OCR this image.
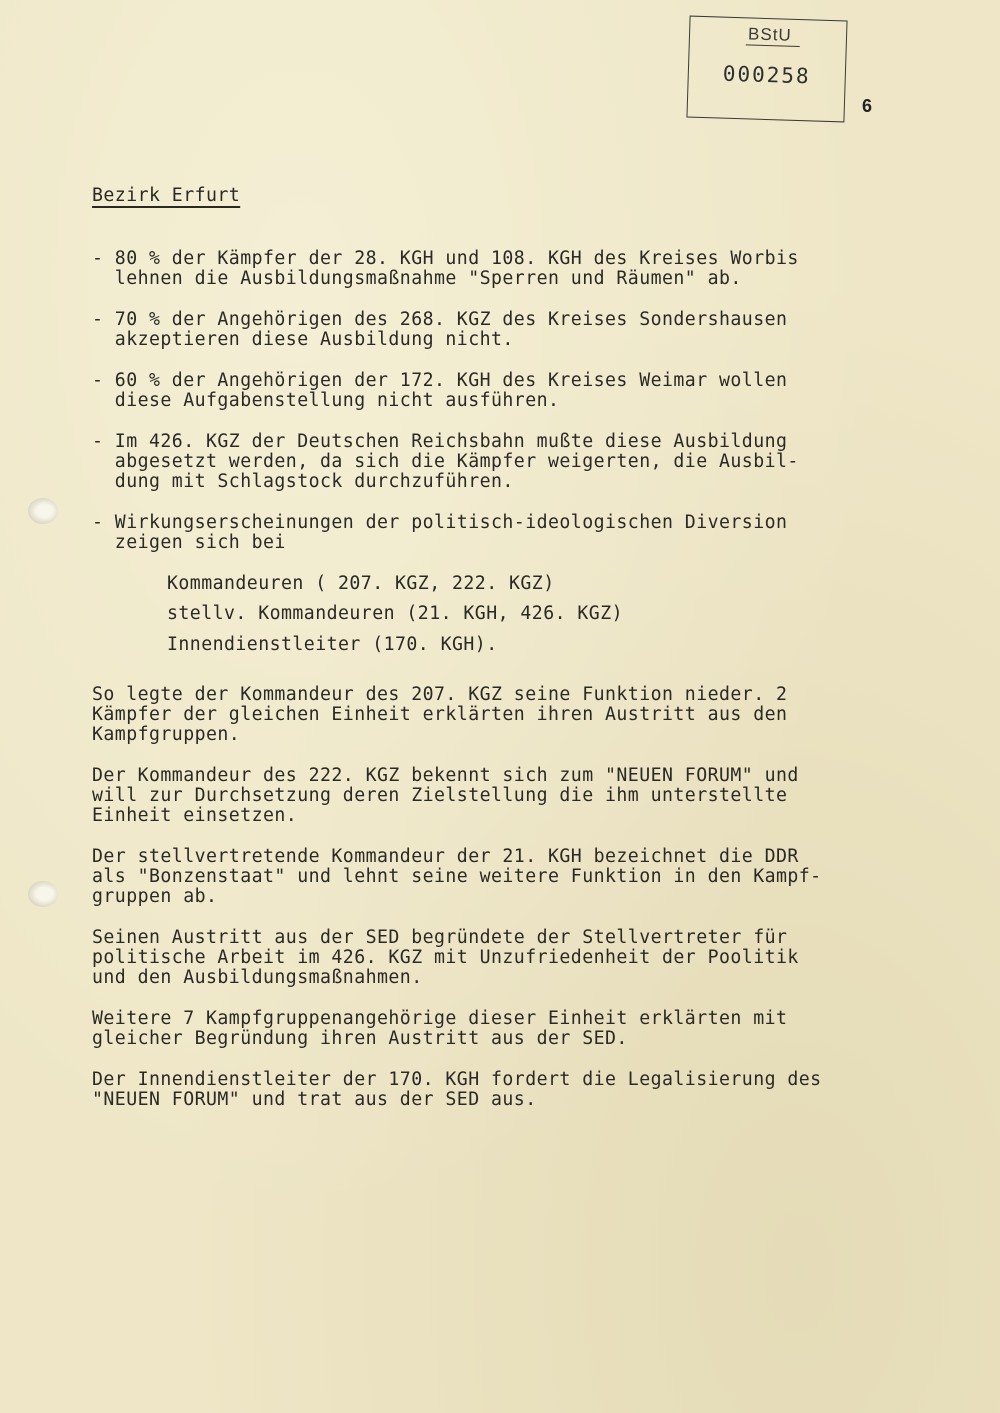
BStU
000258
6
Bezirk Erfurt
- 80 % der Kämpfer der 28. KGH und 108. KGH des Kreises Worbis
lehnen die Ausbildungsmaßnahme "Sperren und Räumen" ab.
- 70 % der Angehörigen des 268. KGZ des Kreises Sondershausen
akzeptieren diese Ausbildung nicht.
- 60 % der Angehörigen der 172. KGH des Kreises Weimar wollen
diese Aufgabenstellung nicht ausführen.
- Im 426. KGZ der Deutschen Reichsbahn mußte diese Ausbildung
abgesetzt werden, da sich die Kämpfer weigerten, die Ausbil-
dung mit Schlagstock durchzuführen.
- Wirkungserscheinungen der politisch-ideologischen Diversion
zeigen sich bei
Kommandeuren ( 207. KGZ, 222. KGZ)
stellv. Kommandeuren (21. KGH, 426. KGZ)
Innendienstleiter (170. KGH).
So legte der Kommandeur des 207. KGZ seine Funktion nieder. 2
Kämpfer der gleichen Einheit erklärten ihren Austritt aus den
Kampfgruppen.
Der Kommandeur des 222. KGZ bekennt sich zum "NEUEN FORUM" und
will zur Durchsetzung deren Zielstellung die ihm unterstellte
Einheit einsetzen.
Der stellvertretende Kommandeur der 21. KGH bezeichnet die DDR
als "Bonzenstaat" und lehnt seine weitere Funktion in den Kampf-
gruppen ab.
Seinen Austritt aus der SED begründete der Stellvertreter für
politische Arbeit im 426. KGZ mit Unzufriedenheit der Poolitik
und den Ausbildungsmaßnahmen.
Weitere 7 Kampfgruppenangehörige dieser Einheit erklärten mit
gleicher Begründung ihren Austritt aus der SED.
Der Innendienstleiter der 170. KGH fordert die Legalisierung des
"NEUEN FORUM" und trat aus der SED aus.
